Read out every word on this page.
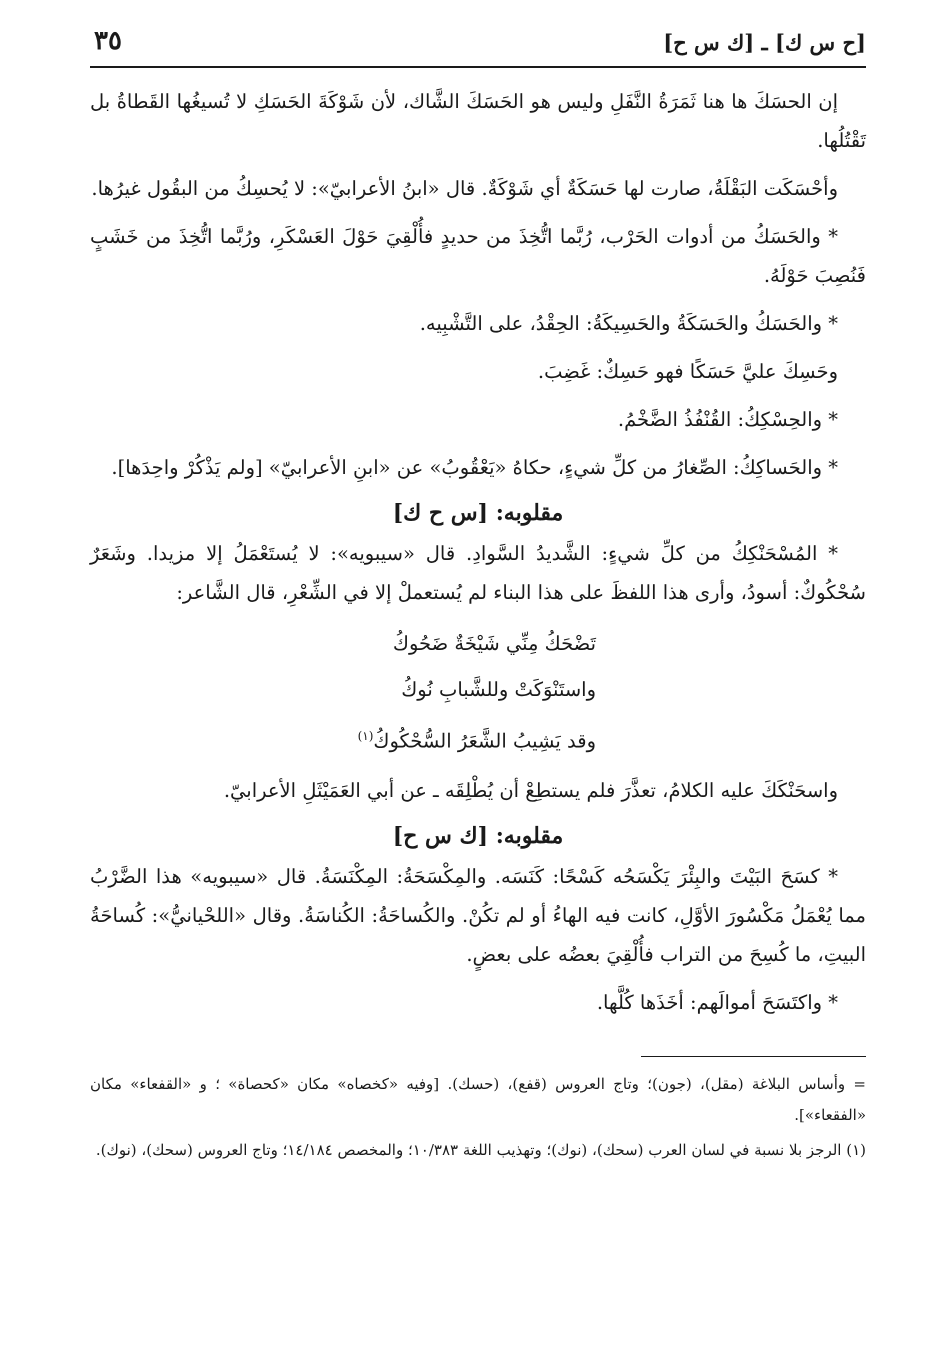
[ح س ك] ـ [ك س ح]
٣٥

إن الحسَكَ ها هنا ثَمَرَةُ النَّفَلِ وليس هو الحَسَكَ الشَّاك، لأن شَوْكَةَ الحَسَكِ لا تُسيغُها القَطاةُ بل تَقْتُلُها.

وأحْسَكَت البَقْلَةُ، صارت لها حَسَكَةٌ أي شَوْكَةٌ. قال «ابنُ الأعرابيّ»: لا يُحسِكُ من البقُول غيرُها.

* والحَسَكُ من أدوات الحَرْب، رُبَّما اتُّخِذَ من حديدٍ فأُلْقِيَ حَوْلَ العَسْكَرِ، ورُبَّما اتُّخِذَ من خَشَبٍ فَنُصِبَ حَوْلَهُ.

* والحَسَكُ والحَسَكَةُ والحَسِيكَةُ: الحِقْدُ، على التَّشْبِيه.

وحَسِكَ عليَّ حَسَكًا فهو حَسِكٌ: غَضِبَ.

* والحِسْكِكُ: القُنْفُذُ الضَّخْمُ.

* والحَساكِكُ: الصِّغارُ من كلِّ شيءٍ، حكاهُ «يَعْقُوبُ» عن «ابنِ الأعرابيّ» [ولم يَذْكُرْ واحِدَها].

مقلوبه: [س ح ك]

* المُسْحَنْكِكُ من كلِّ شيءٍ: الشَّديدُ السَّوادِ. قال «سيبويه»: لا يُستَعْمَلُ إلا مزيدا. وشَعَرٌ سُحْكُوكٌ: أسودُ، وأرى هذا اللفظَ على هذا البناء لم يُستعملْ إلا في الشِّعْرِ، قال الشَّاعر:

تَضْحَكُ مِنِّي شَيْخَةٌ ضَحُوكُ
واستَنْوَكَتْ وللشَّبابِ نُوكُ
وقد يَشِيبُ الشَّعَرُ السُّحْكُوكُ$^{(١)}$

واسحَنْكَكَ عليه الكلامُ، تعذَّرَ فلم يستطِعْ أن يُطْلِقَه ـ عن أبي العَمَيْثَلِ الأعرابيّ.

مقلوبه: [ك س ح]

* كسَحَ البَيْتَ والبِئْرَ يَكْسَحُه كَسْحًا: كَنَسَه. والمِكْسَحَةُ: المِكْنَسَةُ. قال «سيبويه» هذا الضَّرْبُ مما يُعْمَلُ مَكْسُورَ الأوَّلِ، كانت فيه الهاءُ أو لم تكُنْ. والكُساحَةُ: الكُناسَةُ. وقال «اللحْيانيُّ»: كُساحَةُ البيتِ، ما كُسِحَ من التراب فأُلْقِيَ بعضُه على بعضٍ.

* واكتَسَحَ أموالَهم: أخَذَها كُلَّها.

= وأساس البلاغة (مقل)، (جون)؛ وتاج العروس (قفع)، (حسك). [وفيه «كخصاه» مكان «كحصاة» ؛ و «القفعاء» مكان «الفقعاء»].

(١) الرجز بلا نسبة في لسان العرب (سحك)، (نوك)؛ وتهذيب اللغة ١٠/٣٨٣؛ والمخصص ١٤/١٨٤؛ وتاج العروس (سحك)، (نوك).
